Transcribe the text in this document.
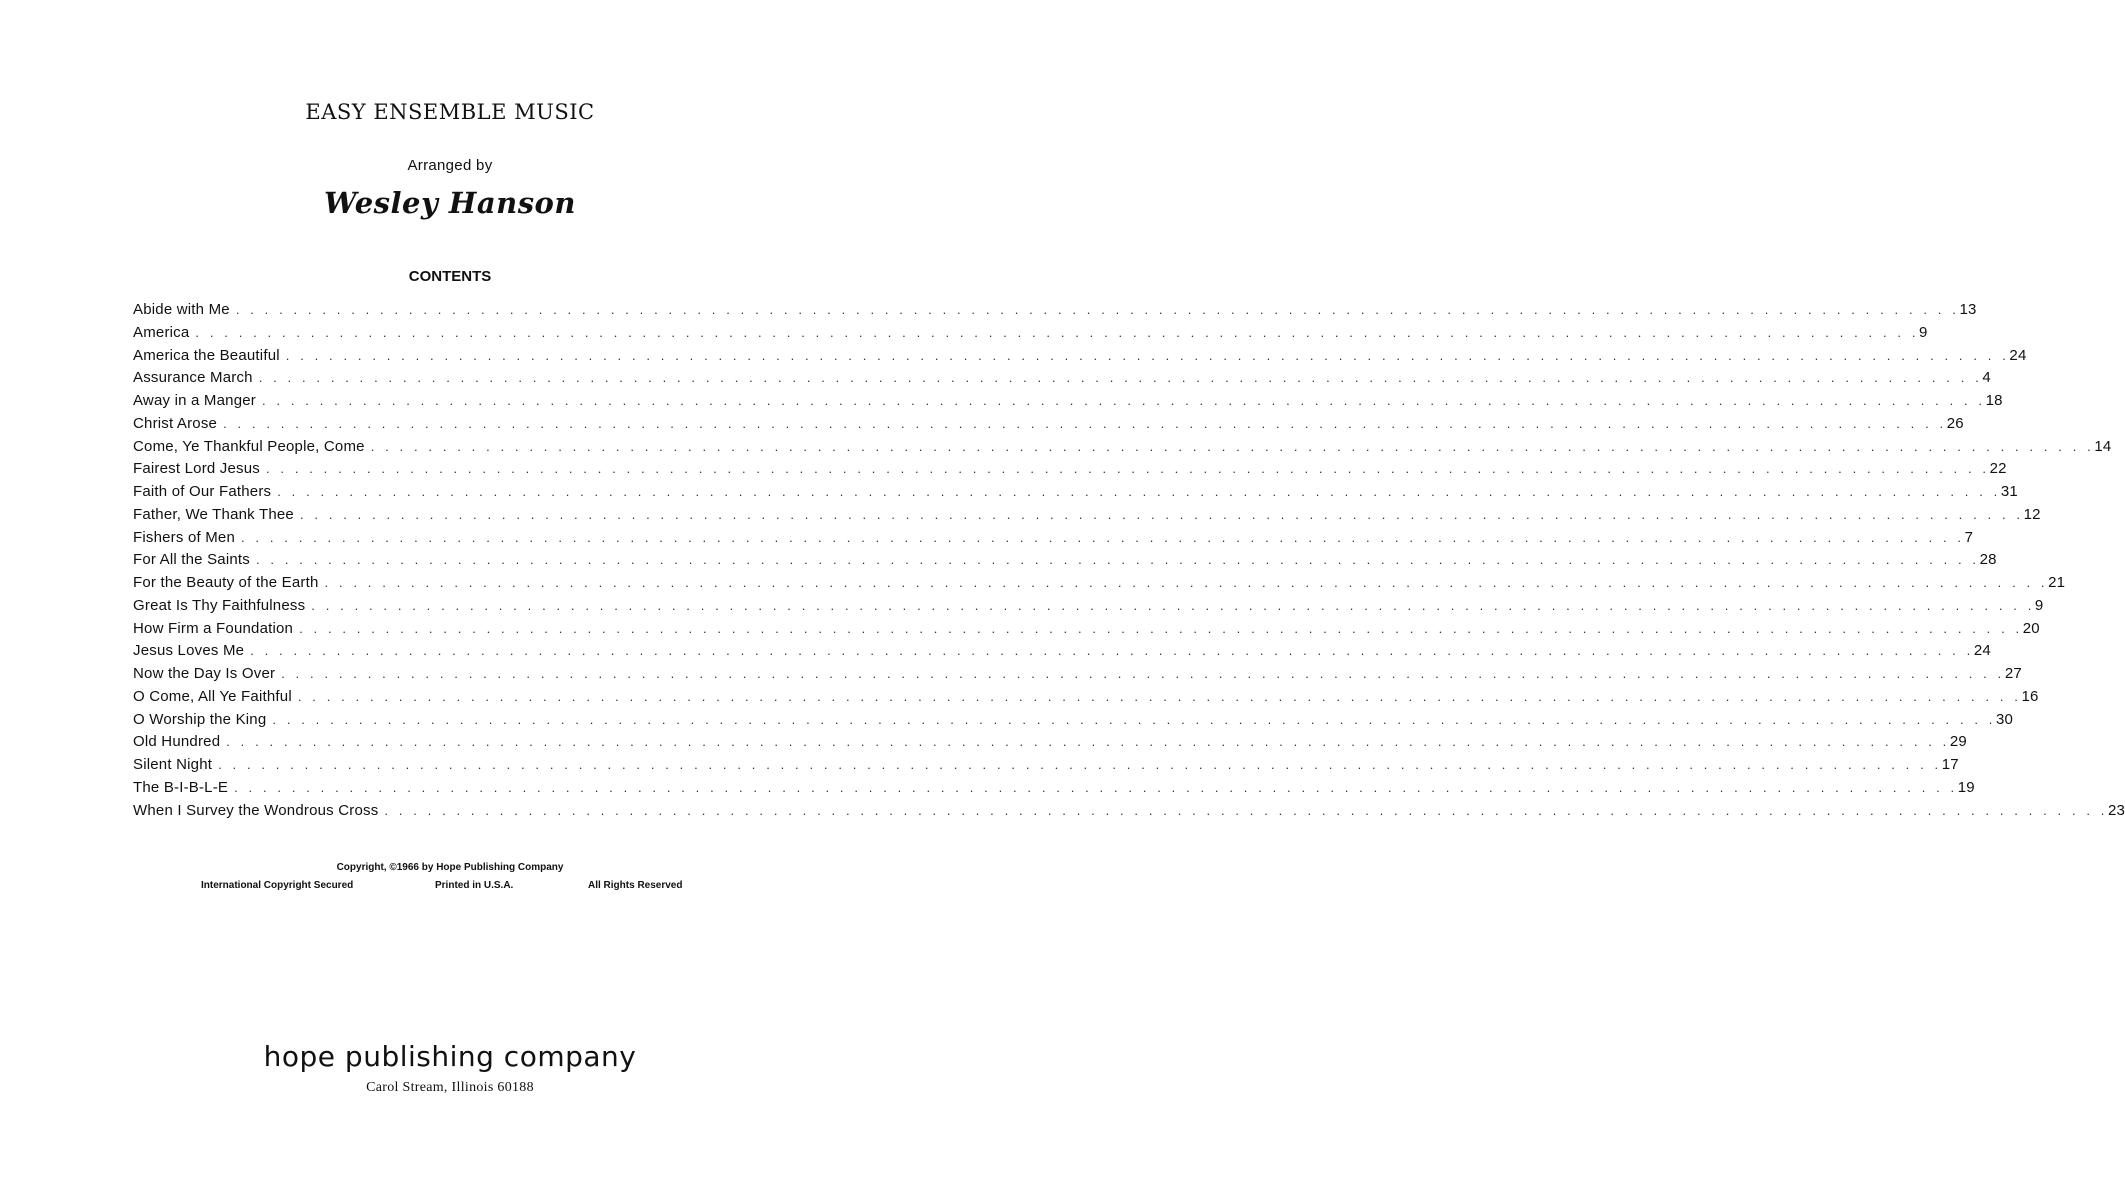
EASY ENSEMBLE MUSIC
Arranged by
Wesley Hanson
CONTENTS
Abide with Me . . . . . . . . . . . . . . . . . . . . . . . . . . . . . . . . . . . . . . . . . . . . . . . . . . . . . . . . . . . . . . . . . . . . . . . . . . . . . . . . . . . . . . . . . . . . . . . . . . . . . . . . . . . . . . . . . . . . . . . . 13
America . . . . . . . . . . . . . . . . . . . . . . . . . . . . . . . . . . . . . . . . . . . . . . . . . . . . . . . . . . . . . . . . . . . . . . . . . . . . . . . . . . . . . . . . . . . . . . . . . . . . . . . . . . . . . . . . . . . . . . . . 9
America the Beautiful . . . . . . . . . . . . . . . . . . . . . . . . . . . . . . . . . . . . . . . . . . . . . . . . . . . . . . . . . . . . . . . . . . . . . . . . . . . . . . . . . . . . . . . . . . . . . . . . . . . . . . . . . . . . . . . . . . . . . . . . 24
Assurance March . . . . . . . . . . . . . . . . . . . . . . . . . . . . . . . . . . . . . . . . . . . . . . . . . . . . . . . . . . . . . . . . . . . . . . . . . . . . . . . . . . . . . . . . . . . . . . . . . . . . . . . . . . . . . . . . . . . . . . . . 4
Away in a Manger . . . . . . . . . . . . . . . . . . . . . . . . . . . . . . . . . . . . . . . . . . . . . . . . . . . . . . . . . . . . . . . . . . . . . . . . . . . . . . . . . . . . . . . . . . . . . . . . . . . . . . . . . . . . . . . . . . . . . . . . 18
Christ Arose . . . . . . . . . . . . . . . . . . . . . . . . . . . . . . . . . . . . . . . . . . . . . . . . . . . . . . . . . . . . . . . . . . . . . . . . . . . . . . . . . . . . . . . . . . . . . . . . . . . . . . . . . . . . . . . . . . . . . . . . 26
Come, Ye Thankful People, Come . . . . . . . . . . . . . . . . . . . . . . . . . . . . . . . . . . . . . . . . . . . . . . . . . . . . . . . . . . . . . . . . . . . . . . . . . . . . . . . . . . . . . . . . . . . . . . . . . . . . . . . . . . . . . . . . . . . . . . . . 14
Fairest Lord Jesus . . . . . . . . . . . . . . . . . . . . . . . . . . . . . . . . . . . . . . . . . . . . . . . . . . . . . . . . . . . . . . . . . . . . . . . . . . . . . . . . . . . . . . . . . . . . . . . . . . . . . . . . . . . . . . . . . . . . . . . . 22
Faith of Our Fathers . . . . . . . . . . . . . . . . . . . . . . . . . . . . . . . . . . . . . . . . . . . . . . . . . . . . . . . . . . . . . . . . . . . . . . . . . . . . . . . . . . . . . . . . . . . . . . . . . . . . . . . . . . . . . . . . . . . . . . . . 31
Father, We Thank Thee . . . . . . . . . . . . . . . . . . . . . . . . . . . . . . . . . . . . . . . . . . . . . . . . . . . . . . . . . . . . . . . . . . . . . . . . . . . . . . . . . . . . . . . . . . . . . . . . . . . . . . . . . . . . . . . . . . . . . . . . 12
Fishers of Men . . . . . . . . . . . . . . . . . . . . . . . . . . . . . . . . . . . . . . . . . . . . . . . . . . . . . . . . . . . . . . . . . . . . . . . . . . . . . . . . . . . . . . . . . . . . . . . . . . . . . . . . . . . . . . . . . . . . . . . . 7
For All the Saints . . . . . . . . . . . . . . . . . . . . . . . . . . . . . . . . . . . . . . . . . . . . . . . . . . . . . . . . . . . . . . . . . . . . . . . . . . . . . . . . . . . . . . . . . . . . . . . . . . . . . . . . . . . . . . . . . . . . . . . . 28
For the Beauty of the Earth . . . . . . . . . . . . . . . . . . . . . . . . . . . . . . . . . . . . . . . . . . . . . . . . . . . . . . . . . . . . . . . . . . . . . . . . . . . . . . . . . . . . . . . . . . . . . . . . . . . . . . . . . . . . . . . . . . . . . . . . 21
Great Is Thy Faithfulness . . . . . . . . . . . . . . . . . . . . . . . . . . . . . . . . . . . . . . . . . . . . . . . . . . . . . . . . . . . . . . . . . . . . . . . . . . . . . . . . . . . . . . . . . . . . . . . . . . . . . . . . . . . . . . . . . . . . . . . . 9
How Firm a Foundation . . . . . . . . . . . . . . . . . . . . . . . . . . . . . . . . . . . . . . . . . . . . . . . . . . . . . . . . . . . . . . . . . . . . . . . . . . . . . . . . . . . . . . . . . . . . . . . . . . . . . . . . . . . . . . . . . . . . . . . . 20
Jesus Loves Me . . . . . . . . . . . . . . . . . . . . . . . . . . . . . . . . . . . . . . . . . . . . . . . . . . . . . . . . . . . . . . . . . . . . . . . . . . . . . . . . . . . . . . . . . . . . . . . . . . . . . . . . . . . . . . . . . . . . . . . . 24
Now the Day Is Over . . . . . . . . . . . . . . . . . . . . . . . . . . . . . . . . . . . . . . . . . . . . . . . . . . . . . . . . . . . . . . . . . . . . . . . . . . . . . . . . . . . . . . . . . . . . . . . . . . . . . . . . . . . . . . . . . . . . . . . . 27
O Come, All Ye Faithful . . . . . . . . . . . . . . . . . . . . . . . . . . . . . . . . . . . . . . . . . . . . . . . . . . . . . . . . . . . . . . . . . . . . . . . . . . . . . . . . . . . . . . . . . . . . . . . . . . . . . . . . . . . . . . . . . . . . . . . . 16
O Worship the King . . . . . . . . . . . . . . . . . . . . . . . . . . . . . . . . . . . . . . . . . . . . . . . . . . . . . . . . . . . . . . . . . . . . . . . . . . . . . . . . . . . . . . . . . . . . . . . . . . . . . . . . . . . . . . . . . . . . . . . . 30
Old Hundred . . . . . . . . . . . . . . . . . . . . . . . . . . . . . . . . . . . . . . . . . . . . . . . . . . . . . . . . . . . . . . . . . . . . . . . . . . . . . . . . . . . . . . . . . . . . . . . . . . . . . . . . . . . . . . . . . . . . . . . . 29
Silent Night . . . . . . . . . . . . . . . . . . . . . . . . . . . . . . . . . . . . . . . . . . . . . . . . . . . . . . . . . . . . . . . . . . . . . . . . . . . . . . . . . . . . . . . . . . . . . . . . . . . . . . . . . . . . . . . . . . . . . . . . 17
The B-I-B-L-E . . . . . . . . . . . . . . . . . . . . . . . . . . . . . . . . . . . . . . . . . . . . . . . . . . . . . . . . . . . . . . . . . . . . . . . . . . . . . . . . . . . . . . . . . . . . . . . . . . . . . . . . . . . . . . . . . . . . . . . . 19
When I Survey the Wondrous Cross . . . . . . . . . . . . . . . . . . . . . . . . . . . . . . . . . . . . . . . . . . . . . . . . . . . . . . . . . . . . . . . . . . . . . . . . . . . . . . . . . . . . . . . . . . . . . . . . . . . . . . . . . . . . . . . . . . . . . . . . 23
Copyright, ©1966 by Hope Publishing Company
International Copyright Secured	Printed in U.S.A.	All Rights Reserved
hope publishing company
Carol Stream, Illinois 60188
